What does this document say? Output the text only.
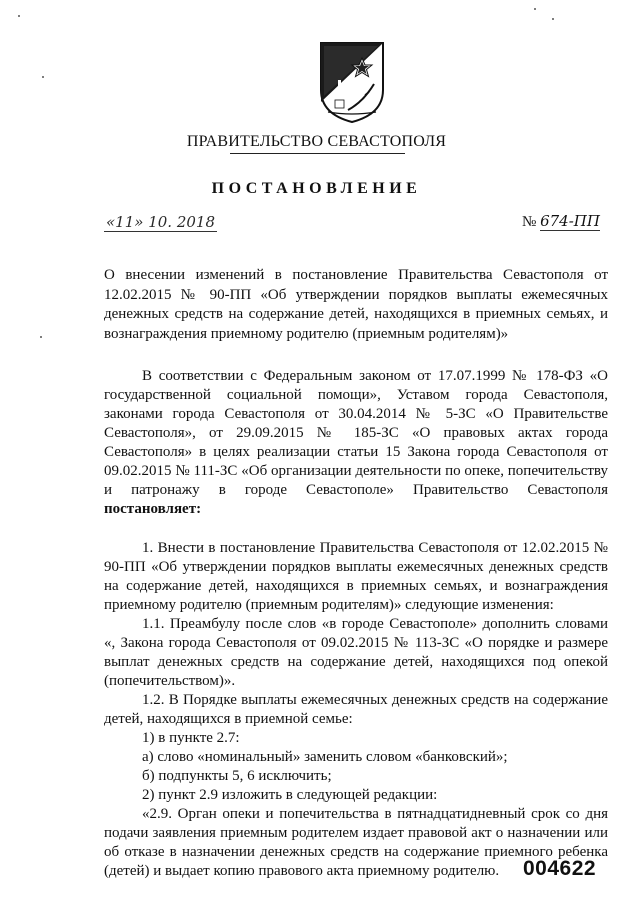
ПРАВИТЕЛЬСТВО СЕВАСТОПОЛЯ
ПОСТАНОВЛЕНИЕ
«11» 10. 2018	№ 674-ПП
О внесении изменений в постановление Правительства Севастополя от 12.02.2015 № 90-ПП «Об утверждении порядков выплаты ежемесячных денежных средств на содержание детей, находящихся в приемных семьях, и вознаграждения приемному родителю (приемным родителям)»

В соответствии с Федеральным законом от 17.07.1999 № 178-ФЗ «О государственной социальной помощи», Уставом города Севастополя, законами города Севастополя от 30.04.2014 № 5-ЗС «О Правительстве Севастополя», от 29.09.2015 № 185-ЗС «О правовых актах города Севастополя» в целях реализации статьи 15 Закона города Севастополя от 09.02.2015 № 111-ЗС «Об организации деятельности по опеке, попечительству и патронажу в городе Севастополе» Правительство Севастополя постановляет:

1. Внести в постановление Правительства Севастополя от 12.02.2015 № 90-ПП «Об утверждении порядков выплаты ежемесячных денежных средств на содержание детей, находящихся в приемных семьях, и вознаграждения приемному родителю (приемным родителям)» следующие изменения:

1.1. Преамбулу после слов «в городе Севастополе» дополнить словами «, Закона города Севастополя от 09.02.2015 № 113-ЗС «О порядке и размере выплат денежных средств на содержание детей, находящихся под опекой (попечительством)».

1.2. В Порядке выплаты ежемесячных денежных средств на содержание детей, находящихся в приемной семье:

1) в пункте 2.7:

а) слово «номинальный» заменить словом «банковский»;

б) подпункты 5, 6 исключить;

2) пункт 2.9 изложить в следующей редакции:

«2.9. Орган опеки и попечительства в пятнадцатидневный срок со дня подачи заявления приемным родителем издает правовой акт о назначении или об отказе в назначении денежных средств на содержание приемного ребенка (детей) и выдает копию правового акта приемному родителю.	004622
